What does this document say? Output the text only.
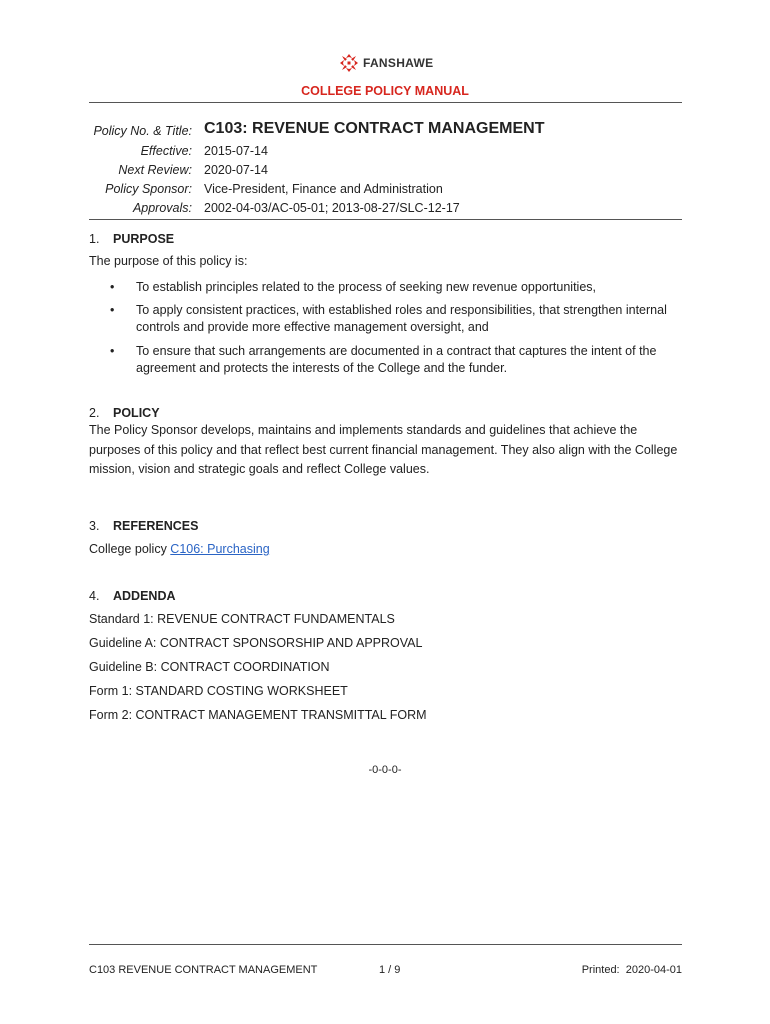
FANSHAWE
COLLEGE POLICY MANUAL
Policy No. & Title: C103: REVENUE CONTRACT MANAGEMENT
Effective: 2015-07-14
Next Review: 2020-07-14
Policy Sponsor: Vice-President, Finance and Administration
Approvals: 2002-04-03/AC-05-01; 2013-08-27/SLC-12-17
1. PURPOSE
The purpose of this policy is:
• To establish principles related to the process of seeking new revenue opportunities,
• To apply consistent practices, with established roles and responsibilities, that strengthen internal controls and provide more effective management oversight, and
• To ensure that such arrangements are documented in a contract that captures the intent of the agreement and protects the interests of the College and the funder.
2. POLICY
The Policy Sponsor develops, maintains and implements standards and guidelines that achieve the purposes of this policy and that reflect best current financial management. They also align with the College mission, vision and strategic goals and reflect College values.
3. REFERENCES
College policy C106: Purchasing
4. ADDENDA
Standard 1: REVENUE CONTRACT FUNDAMENTALS
Guideline A: CONTRACT SPONSORSHIP AND APPROVAL
Guideline B: CONTRACT COORDINATION
Form 1: STANDARD COSTING WORKSHEET
Form 2: CONTRACT MANAGEMENT TRANSMITTAL FORM
-0-0-0-
C103 REVENUE CONTRACT MANAGEMENT	1 / 9	Printed:  2020-04-01
